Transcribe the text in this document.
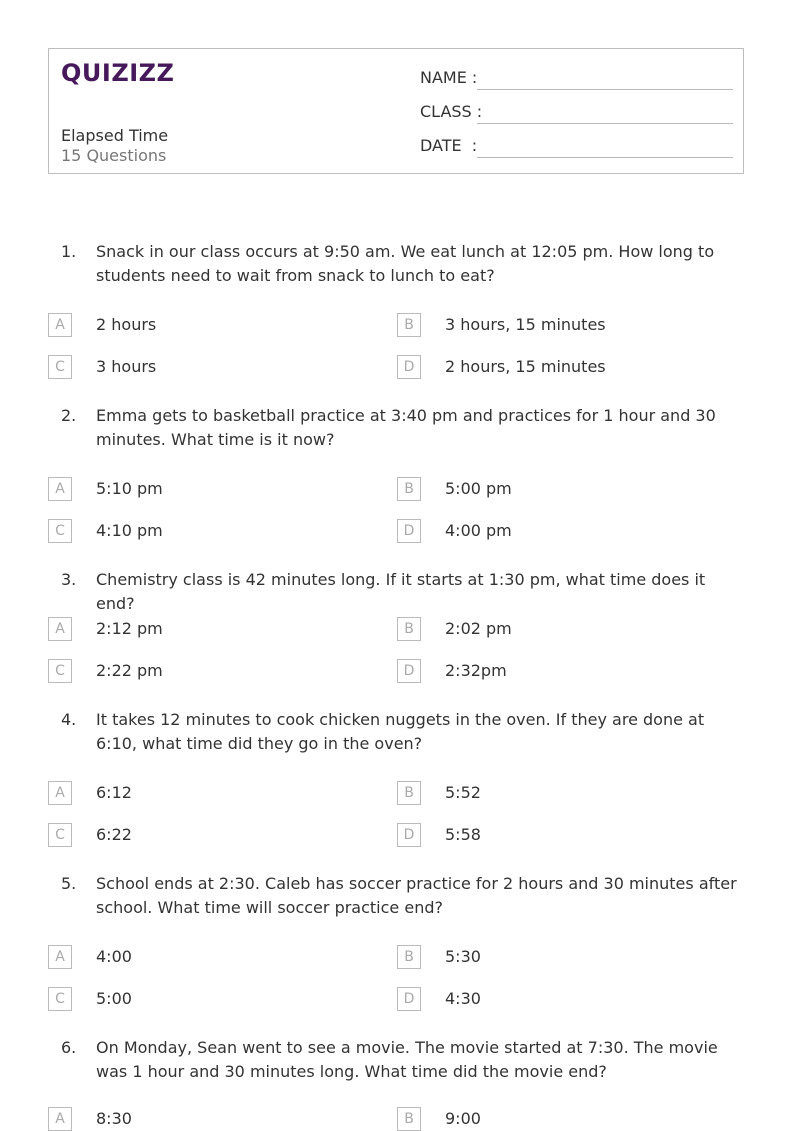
QUIZIZZ
Elapsed Time
15 Questions
NAME :
CLASS :
DATE  :
1. Snack in our class occurs at 9:50 am. We eat lunch at 12:05 pm. How long to students need to wait from snack to lunch to eat?
A	2 hours	B	3 hours, 15 minutes
C	3 hours	D	2 hours, 15 minutes
2. Emma gets to basketball practice at 3:40 pm and practices for 1 hour and 30 minutes. What time is it now?
A	5:10 pm	B	5:00 pm
C	4:10 pm	D	4:00 pm
3. Chemistry class is 42 minutes long. If it starts at 1:30 pm, what time does it end?
A	2:12 pm	B	2:02 pm
C	2:22 pm	D	2:32pm
4. It takes 12 minutes to cook chicken nuggets in the oven. If they are done at 6:10, what time did they go in the oven?
A	6:12	B	5:52
C	6:22	D	5:58
5. School ends at 2:30. Caleb has soccer practice for 2 hours and 30 minutes after school. What time will soccer practice end?
A	4:00	B	5:30
C	5:00	D	4:30
6. On Monday, Sean went to see a movie. The movie started at 7:30. The movie was 1 hour and 30 minutes long. What time did the movie end?
A	8:30	B	9:00
